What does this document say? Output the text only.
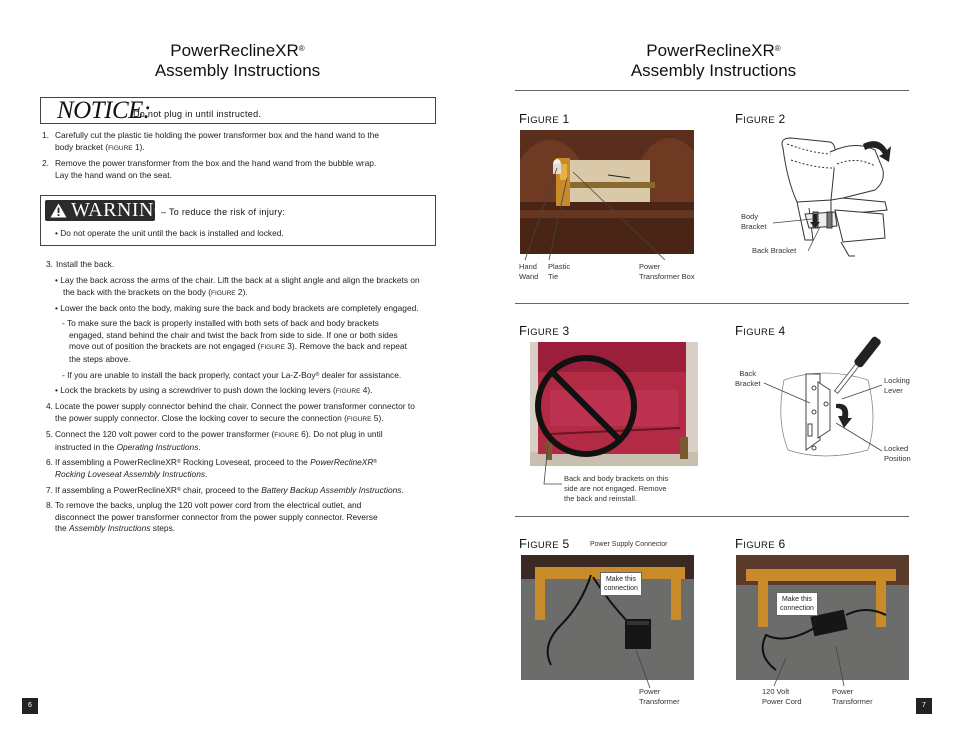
PowerReclineXR®
Assembly Instructions
PowerReclineXR®
Assembly Instructions
NOTICE:
Do not plug in until instructed.
1. Carefully cut the plastic tie holding the power transformer box and the hand wand to the
body bracket (FIGURE 1).
2. Remove the power transformer from the box and the hand wand from the bubble wrap.
Lay the hand wand on the seat.
WARNING
– To reduce the risk of injury:
• Do not operate the unit until the back is installed and locked.
3. Install the back.
• Lay the back across the arms of the chair. Lift the back at a slight angle and align the brackets on
the back with the brackets on the body (FIGURE 2).
• Lower the back onto the body, making sure the back and body brackets are completely engaged.
- To make sure the back is properly installed with both sets of back and body brackets
engaged, stand behind the chair and twist the back from side to side. If one or both sides
move out of position the brackets are not engaged (FIGURE 3). Remove the back and repeat
the steps above.
- If you are unable to install the back properly, contact your La-Z-Boy® dealer for assistance.
• Lock the brackets by using a screwdriver to push down the locking levers (FIGURE 4).
4. Locate the power supply connector behind the chair. Connect the power transformer connector to
the power supply connector. Close the locking cover to secure the connection (FIGURE 5).
5. Connect the 120 volt power cord to the power transformer (FIGURE 6). Do not plug in until
instructed in the Operating Instructions.
6. If assembling a PowerReclineXR® Rocking Loveseat, proceed to the PowerReclineXR®
Rocking Loveseat Assembly Instructions.
7. If assembling a PowerReclineXR® chair, proceed to the Battery Backup Assembly Instructions.
8. To remove the backs, unplug the 120 volt power cord from the electrical outlet, and
disconnect the power transformer connector from the power supply connector. Reverse
the Assembly Instructions steps.
6	7
FIGURE 1
Hand
Wand
Plastic
Tie
Power
Transformer Box
FIGURE 2
Body
Bracket
Back Bracket
FIGURE 3
Back and body brackets on this
side are not engaged. Remove
the back and reinstall.
FIGURE 4
Back
Bracket	Locking
Lever
Locked
Position
FIGURE 5	Power Supply Connector
Make this
connection
Power
Transformer
FIGURE 6
Make this
connection
120 Volt
Power Cord
Power
Transformer
